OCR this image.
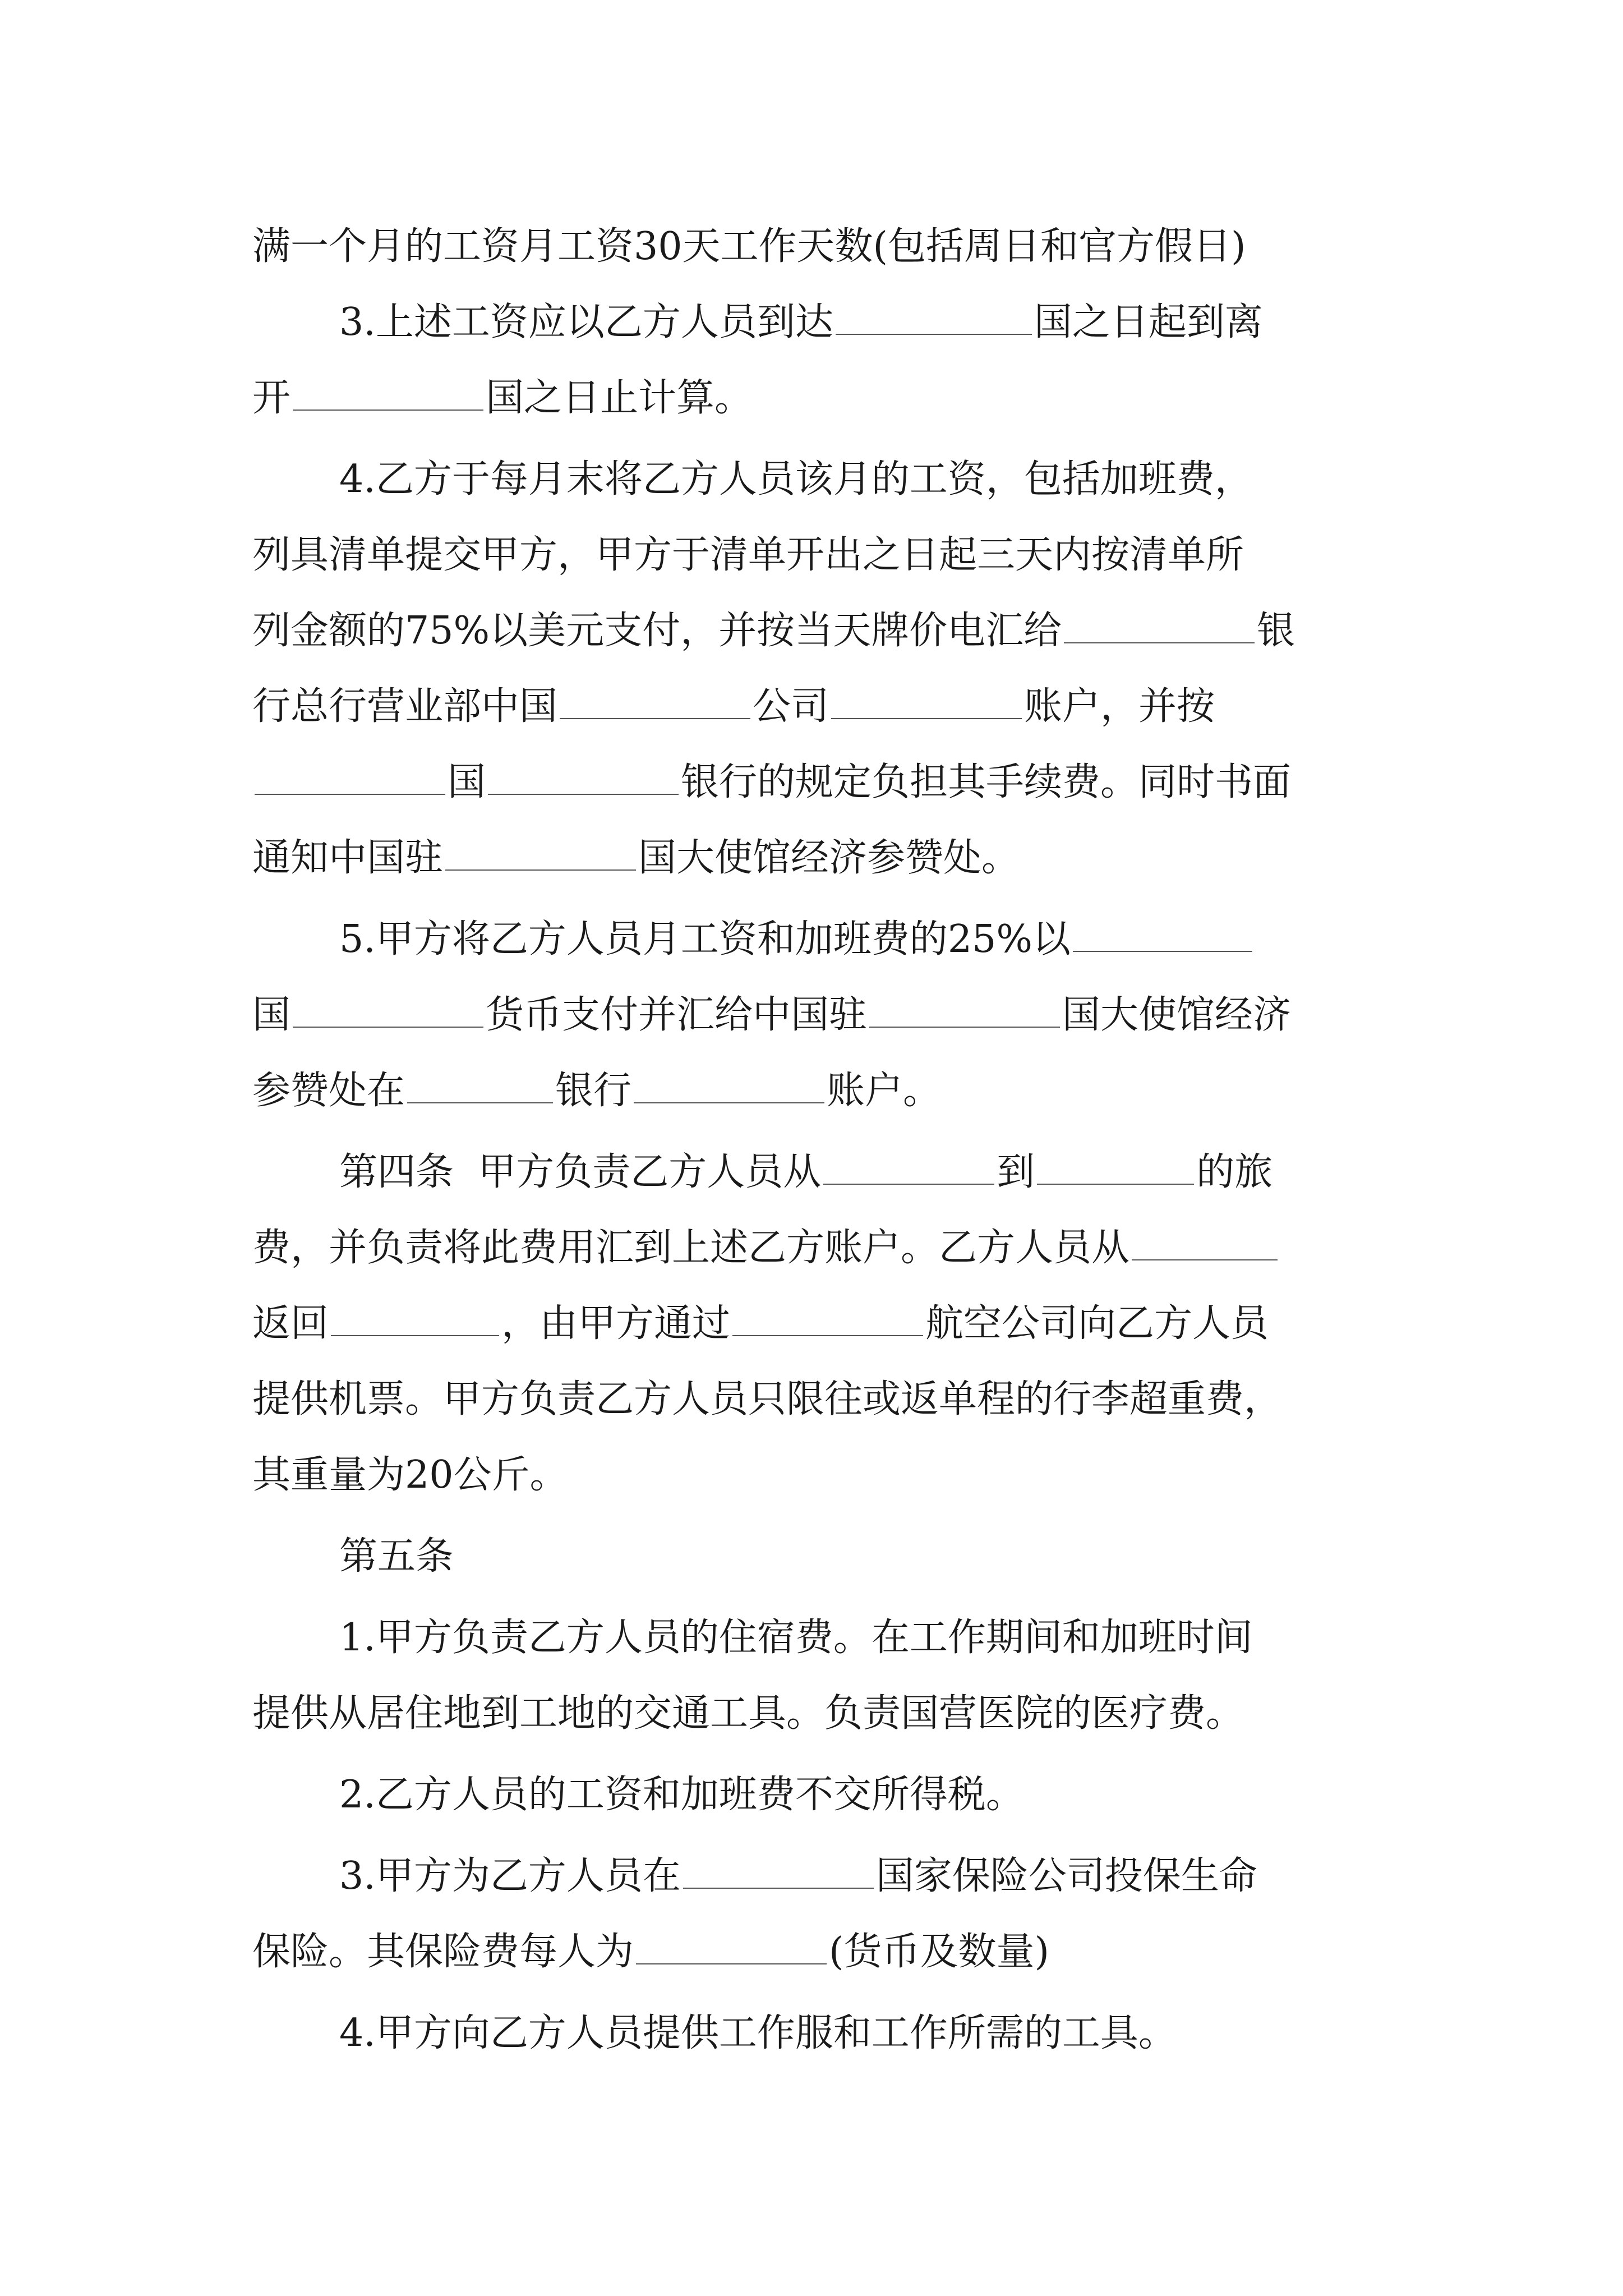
满一个月的工资月工资30天工作天数(包括周日和官方假日)
3.上述工资应以乙方人员到达	国之日起到离
开	国之日止计算。
4.乙方于每月末将乙方人员该月的工资，包括加班费，
列具清单提交甲方，甲方于清单开出之日起三天内按清单所
列金额的75%以美元支付，并按当天牌价电汇给	银
行总行营业部中国	公司	账户，并按
国	银行的规定负担其手续费。同时书面
通知中国驻	国大使馆经济参赞处。
5.甲方将乙方人员月工资和加班费的25%以
国	货币支付并汇给中国驻	国大使馆经济
参赞处在	银行	账户。
第四条  甲方负责乙方人员从	到	的旅
费，并负责将此费用汇到上述乙方账户。乙方人员从
返回	，由甲方通过	航空公司向乙方人员
提供机票。甲方负责乙方人员只限往或返单程的行李超重费，
其重量为20公斤。
第五条
1.甲方负责乙方人员的住宿费。在工作期间和加班时间
提供从居住地到工地的交通工具。负责国营医院的医疗费。
2.乙方人员的工资和加班费不交所得税。
3.甲方为乙方人员在	国家保险公司投保生命
保险。其保险费每人为	(货币及数量)
4.甲方向乙方人员提供工作服和工作所需的工具。
